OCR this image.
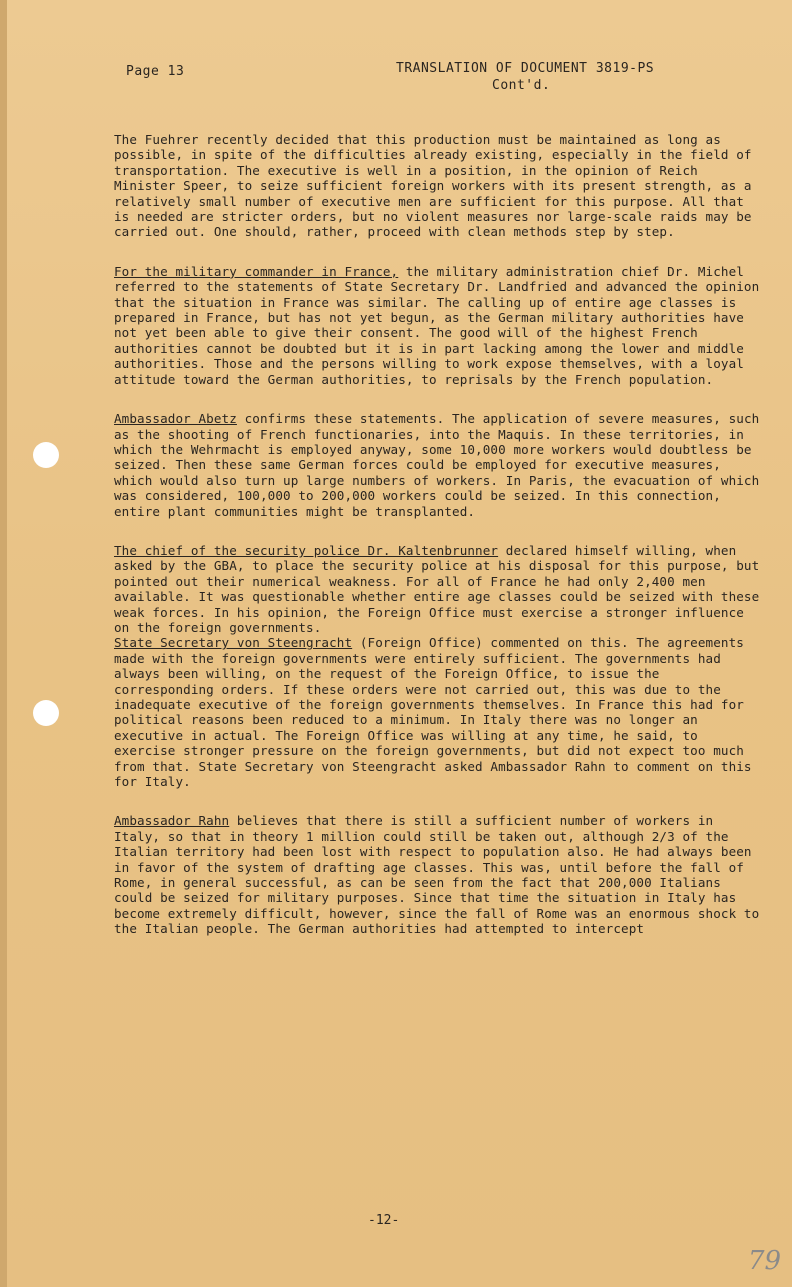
Page 13	TRANSLATION OF DOCUMENT 3819-PS
Cont'd.

The Fuehrer recently decided that this production must be maintained as long as possible, in spite of the difficulties already existing, especially in the field of transportation. The executive is well in a position, in the opinion of Reich Minister Speer, to seize sufficient foreign workers with its present strength, as a relatively small number of executive men are sufficient for this purpose. All that is needed are stricter orders, but no violent measures nor large-scale raids may be carried out. One should, rather, proceed with clean methods step by step.

For the military commander in France, the military administration chief Dr. Michel referred to the statements of State Secretary Dr. Landfried and advanced the opinion that the situation in France was similar. The calling up of entire age classes is prepared in France, but has not yet begun, as the German military authorities have not yet been able to give their consent. The good will of the highest French authorities cannot be doubted but it is in part lacking among the lower and middle authorities. Those and the persons willing to work expose themselves, with a loyal attitude toward the German authorities, to reprisals by the French population.

Ambassador Abetz confirms these statements. The application of severe measures, such as the shooting of French functionaries, into the Maquis. In these territories, in which the Wehrmacht is employed anyway, some 10,000 more workers would doubtless be seized. Then these same German forces could be employed for executive measures, which would also turn up large numbers of workers. In Paris, the evacuation of which was considered, 100,000 to 200,000 workers could be seized. In this connection, entire plant communities might be transplanted.

The chief of the security police Dr. Kaltenbrunner declared himself willing, when asked by the GBA, to place the security police at his disposal for this purpose, but pointed out their numerical weakness. For all of France he had only 2,400 men available. It was questionable whether entire age classes could be seized with these weak forces. In his opinion, the Foreign Office must exercise a stronger influence on the foreign governments.

State Secretary von Steengracht (Foreign Office) commented on this. The agreements made with the foreign governments were entirely sufficient. The governments had always been willing, on the request of the Foreign Office, to issue the corresponding orders. If these orders were not carried out, this was due to the inadequate executive of the foreign governments themselves. In France this had for political reasons been reduced to a minimum. In Italy there was no longer an executive in actual. The Foreign Office was willing at any time, he said, to exercise stronger pressure on the foreign governments, but did not expect too much from that. State Secretary von Steengracht asked Ambassador Rahn to comment on this for Italy.

Ambassador Rahn believes that there is still a sufficient number of workers in Italy, so that in theory 1 million could still be taken out, although 2/3 of the Italian territory had been lost with respect to population also. He had always been in favor of the system of drafting age classes. This was, until before the fall of Rome, in general successful, as can be seen from the fact that 200,000 Italians could be seized for military purposes. Since that time the situation in Italy has become extremely difficult, however, since the fall of Rome was an enormous shock to the Italian people. The German authorities had attempted to intercept

-12-
79
